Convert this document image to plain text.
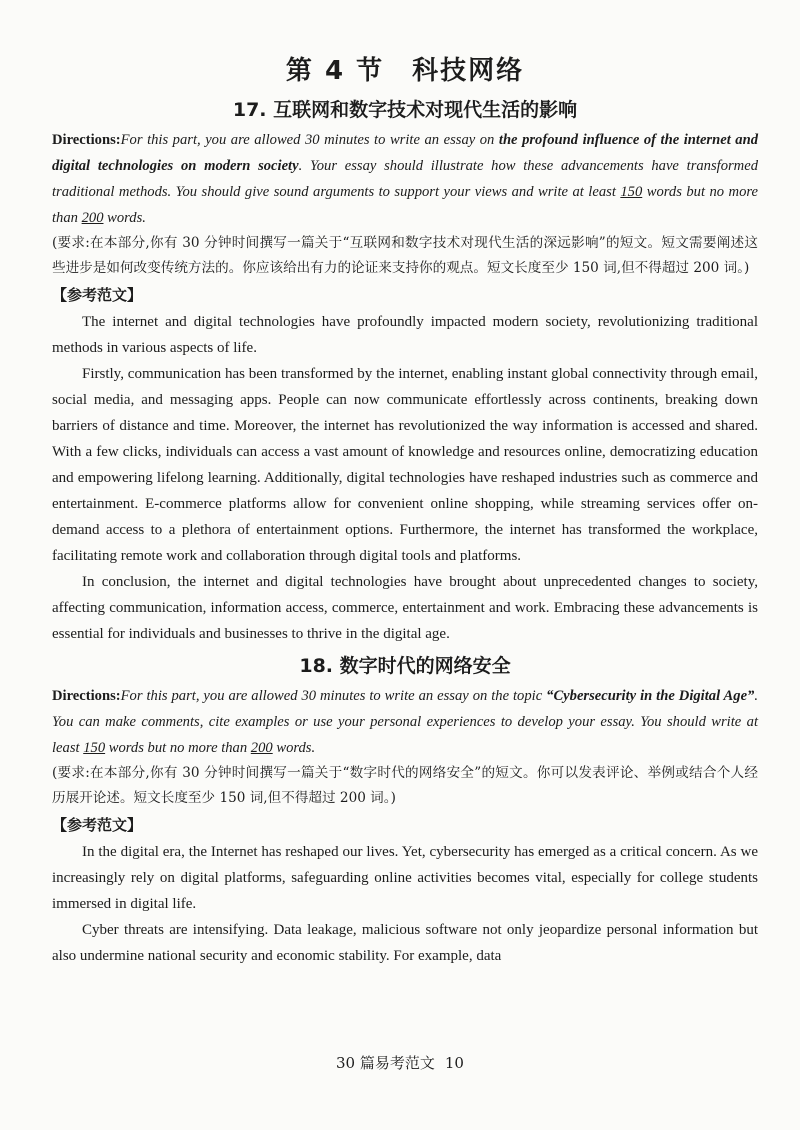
第 4 节　科技网络
17. 互联网和数字技术对现代生活的影响

Directions:For this part, you are allowed 30 minutes to write an essay on the profound influence of the internet and digital technologies on modern society. Your essay should illustrate how these advancements have transformed traditional methods. You should give sound arguments to support your views and write at least 150 words but no more than 200 words.

(要求:在本部分,你有 30 分钟时间撰写一篇关于“互联网和数字技术对现代生活的深远影响”的短文。短文需要阐述这些进步是如何改变传统方法的。你应该给出有力的论证来支持你的观点。短文长度至少 150 词,但不得超过 200 词。)

【参考范文】

The internet and digital technologies have profoundly impacted modern society, revolutionizing traditional methods in various aspects of life.

Firstly, communication has been transformed by the internet, enabling instant global connectivity through email, social media, and messaging apps. People can now communicate effortlessly across continents, breaking down barriers of distance and time. Moreover, the internet has revolutionized the way information is accessed and shared. With a few clicks, individuals can access a vast amount of knowledge and resources online, democratizing education and empowering lifelong learning. Additionally, digital technologies have reshaped industries such as commerce and entertainment. E-commerce platforms allow for convenient online shopping, while streaming services offer on-demand access to a plethora of entertainment options. Furthermore, the internet has transformed the workplace, facilitating remote work and collaboration through digital tools and platforms.

In conclusion, the internet and digital technologies have brought about unprecedented changes to society, affecting communication, information access, commerce, entertainment and work. Embracing these advancements is essential for individuals and businesses to thrive in the digital age.

18. 数字时代的网络安全

Directions:For this part, you are allowed 30 minutes to write an essay on the topic “Cybersecurity in the Digital Age”. You can make comments, cite examples or use your personal experiences to develop your essay. You should write at least 150 words but no more than 200 words.

(要求:在本部分,你有 30 分钟时间撰写一篇关于“数字时代的网络安全”的短文。你可以发表评论、举例或结合个人经历展开论述。短文长度至少 150 词,但不得超过 200 词。)

【参考范文】

In the digital era, the Internet has reshaped our lives. Yet, cybersecurity has emerged as a critical concern. As we increasingly rely on digital platforms, safeguarding online activities becomes vital, especially for college students immersed in digital life.

Cyber threats are intensifying. Data leakage, malicious software not only jeopardize personal information but also undermine national security and economic stability. For example, data

30 篇易考范文 10
